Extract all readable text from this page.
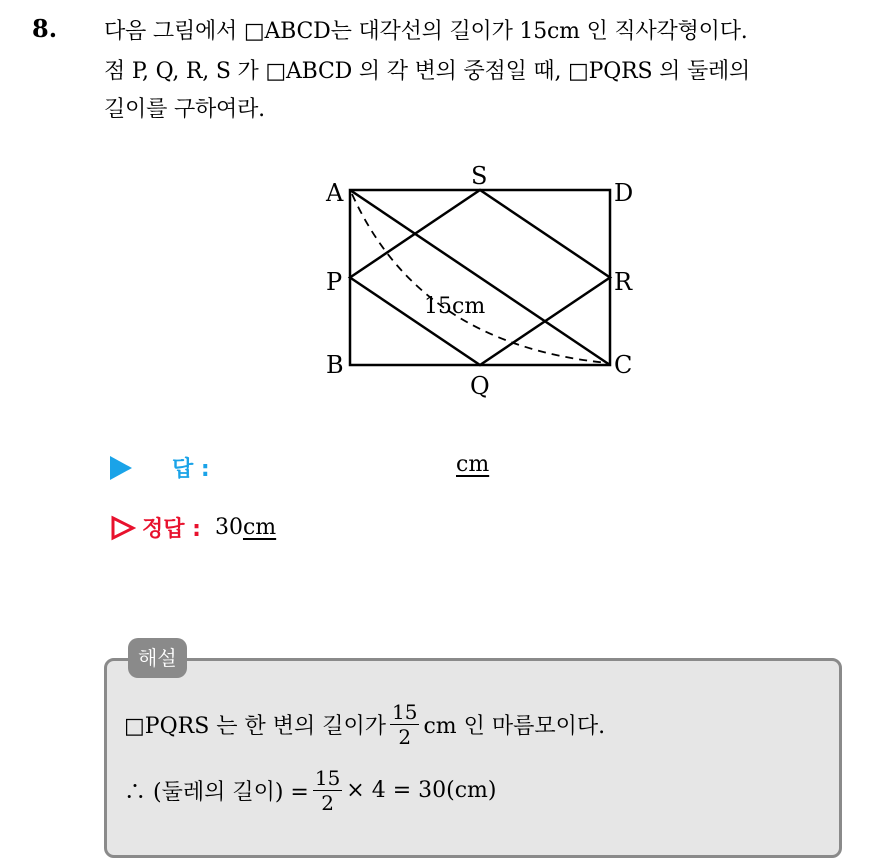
8. 다음 그림에서 □ABCD는 대각선의 길이가 15cm 인 직사각형이다.
점 P, Q, R, S 가 □ABCD 의 각 변의 중점일 때, □PQRS 의 둘레의
길이를 구하여라.
A	D
B	C
P	R
S
Q
15cm
답 :	cm
정답 : 30 cm
해설
□PQRS 는 한 변의 길이가 $\frac{15}{2}$ cm 인 마름모이다.
∴ (둘레의 길이) = $\frac{15}{2} \times 4 = 30(cm)$
